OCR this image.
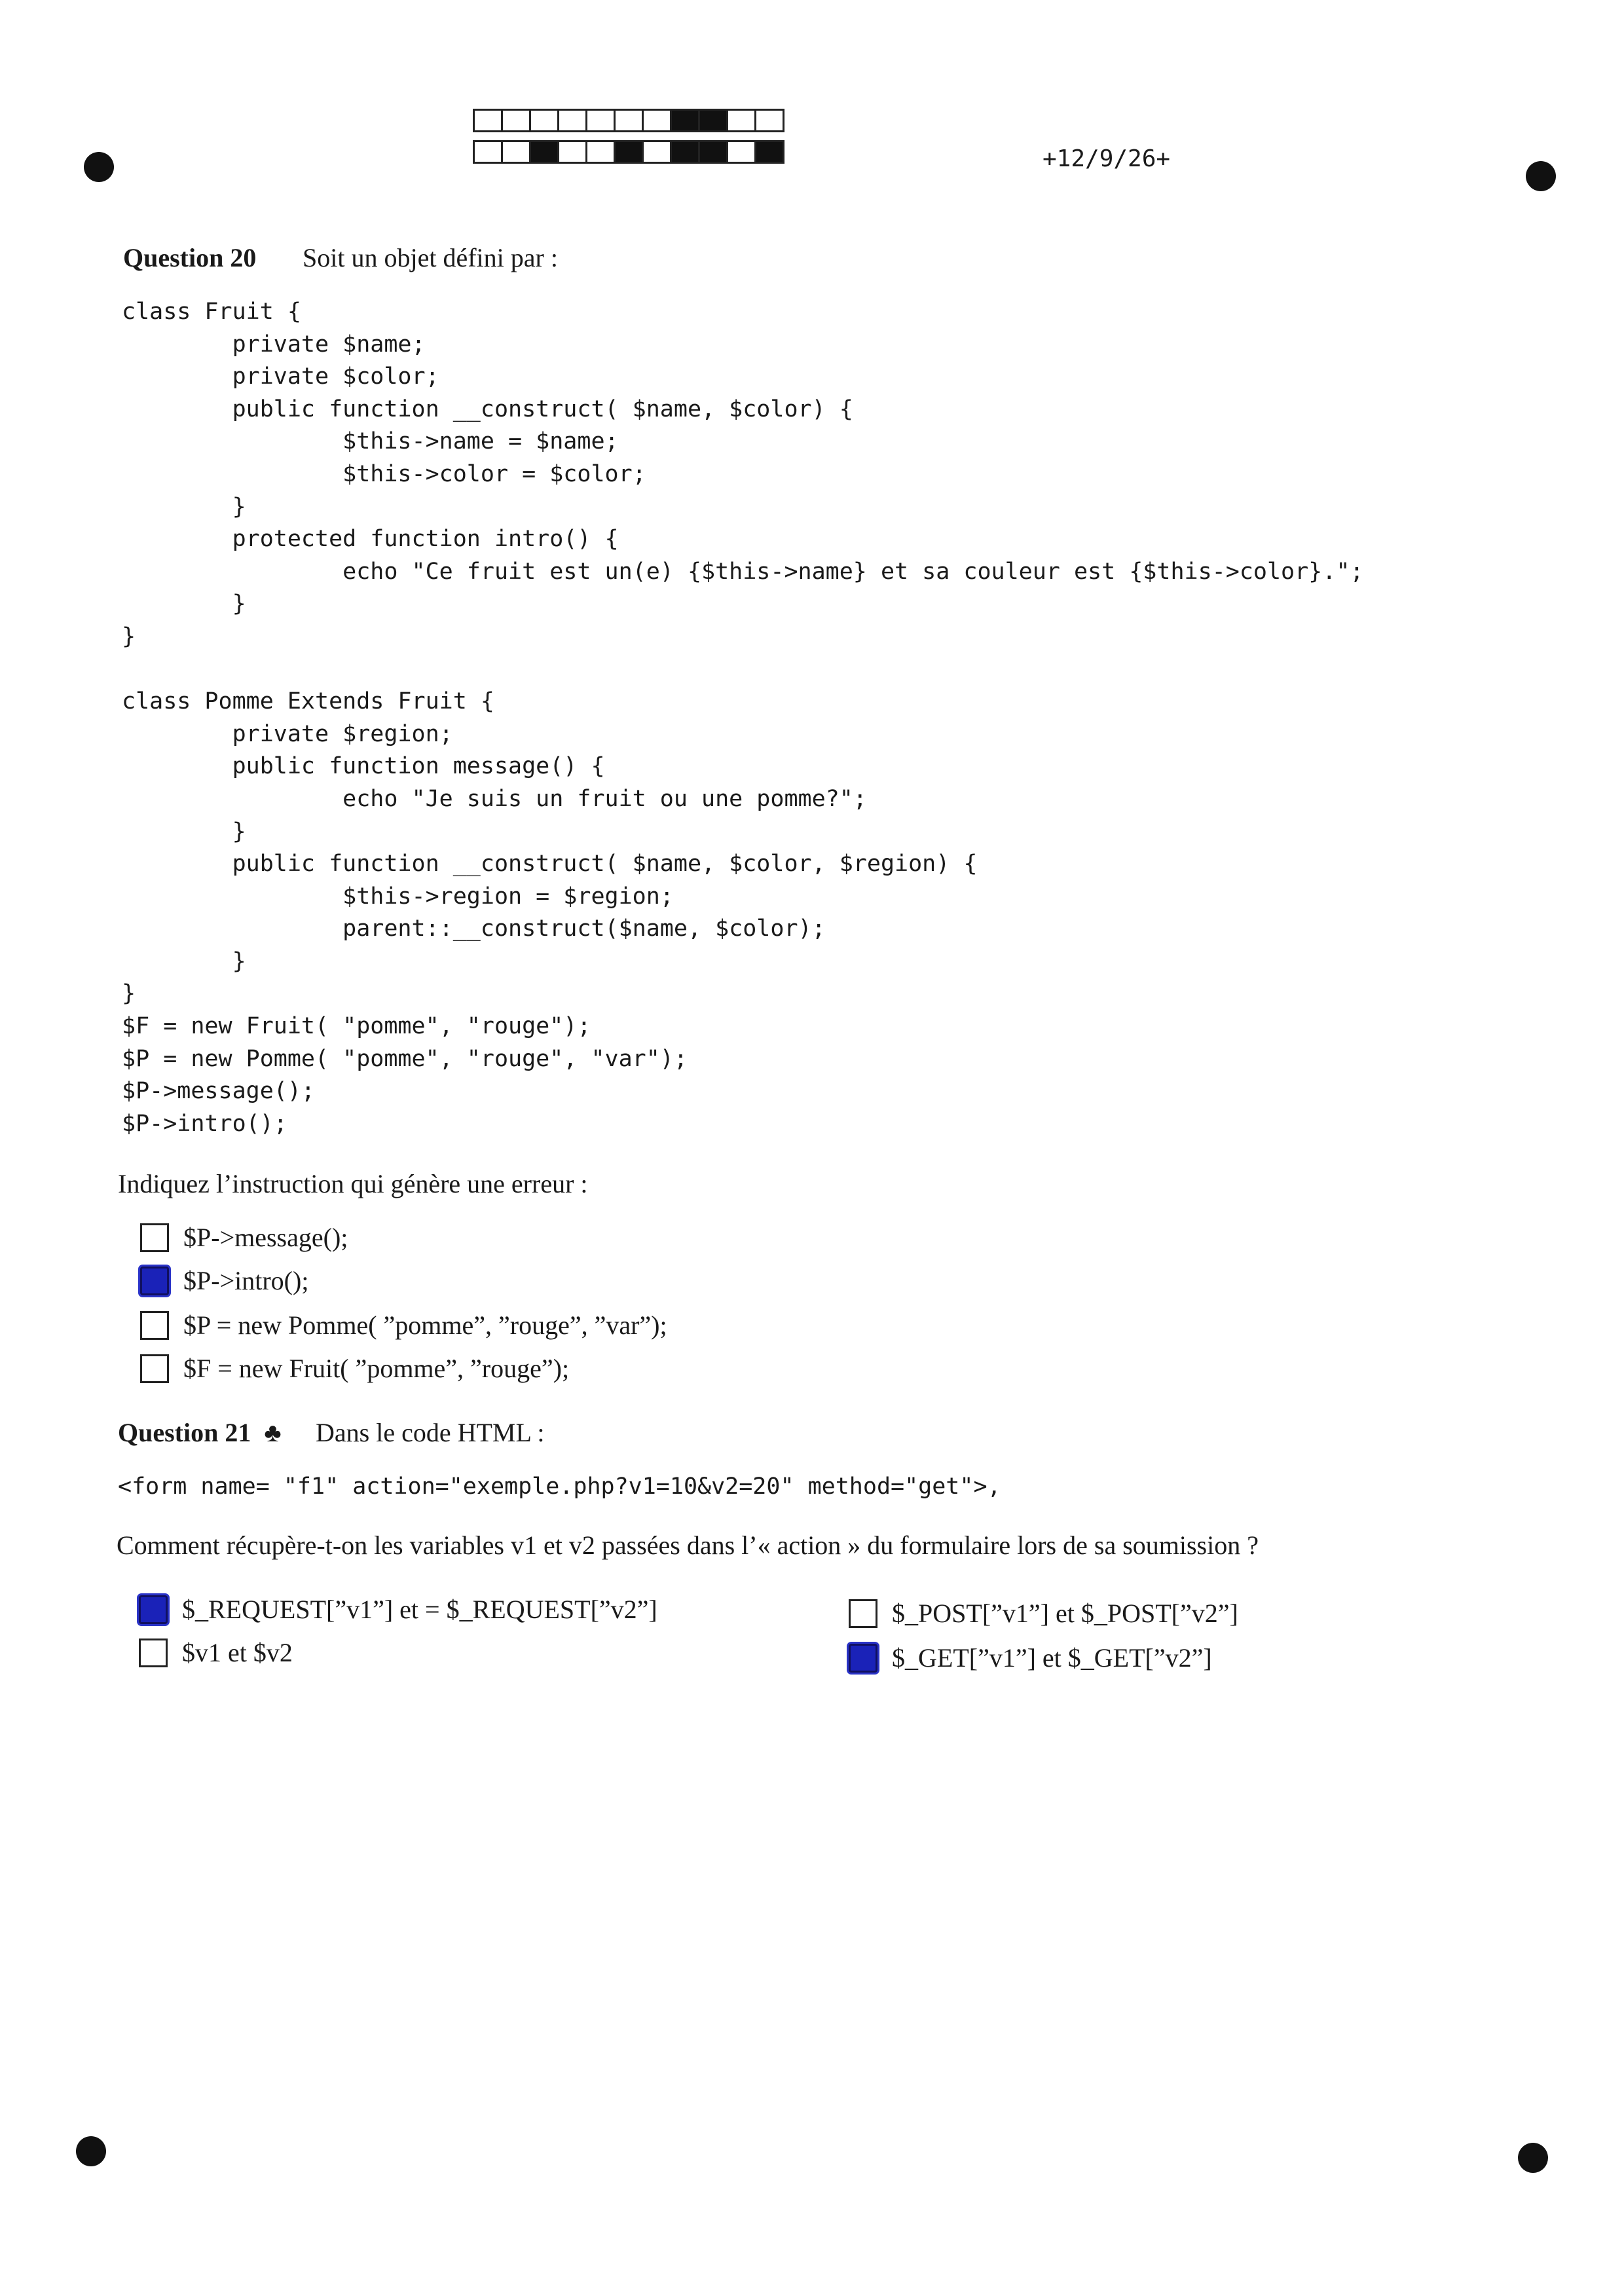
+12/9/26+
Question 20 Soit un objet défini par :
class Fruit {
private $name;
private $color;
public function __construct( $name, $color) {
$this->name = $name;
$this->color = $color;
}
protected function intro() {
echo "Ce fruit est un(e) {$this->name} et sa couleur est {$this->color}.";
}
}

class Pomme Extends Fruit {
private $region;
public function message() {
echo "Je suis un fruit ou une pomme?";
}
public function __construct( $name, $color, $region) {
$this->region = $region;
parent::__construct($name, $color);
}
}
$F = new Fruit( "pomme", "rouge");
$P = new Pomme( "pomme", "rouge", "var");
$P->message();
$P->intro();
Indiquez l’instruction qui génère une erreur :
$P->message();
$P->intro();
$P = new Pomme( ”pomme”, ”rouge”, ”var”);
$F = new Fruit( ”pomme”, ”rouge”);
Question 21 ♣ Dans le code HTML :
<form name= "f1" action="exemple.php?v1=10&v2=20" method="get">,
Comment récupère-t-on les variables v1 et v2 passées dans l’« action » du formulaire lors de sa soumission ?
$_REQUEST[”v1”] et = $_REQUEST[”v2”]
$v1 et $v2
$_POST[”v1”] et $_POST[”v2”]
$_GET[”v1”] et $_GET[”v2”]
